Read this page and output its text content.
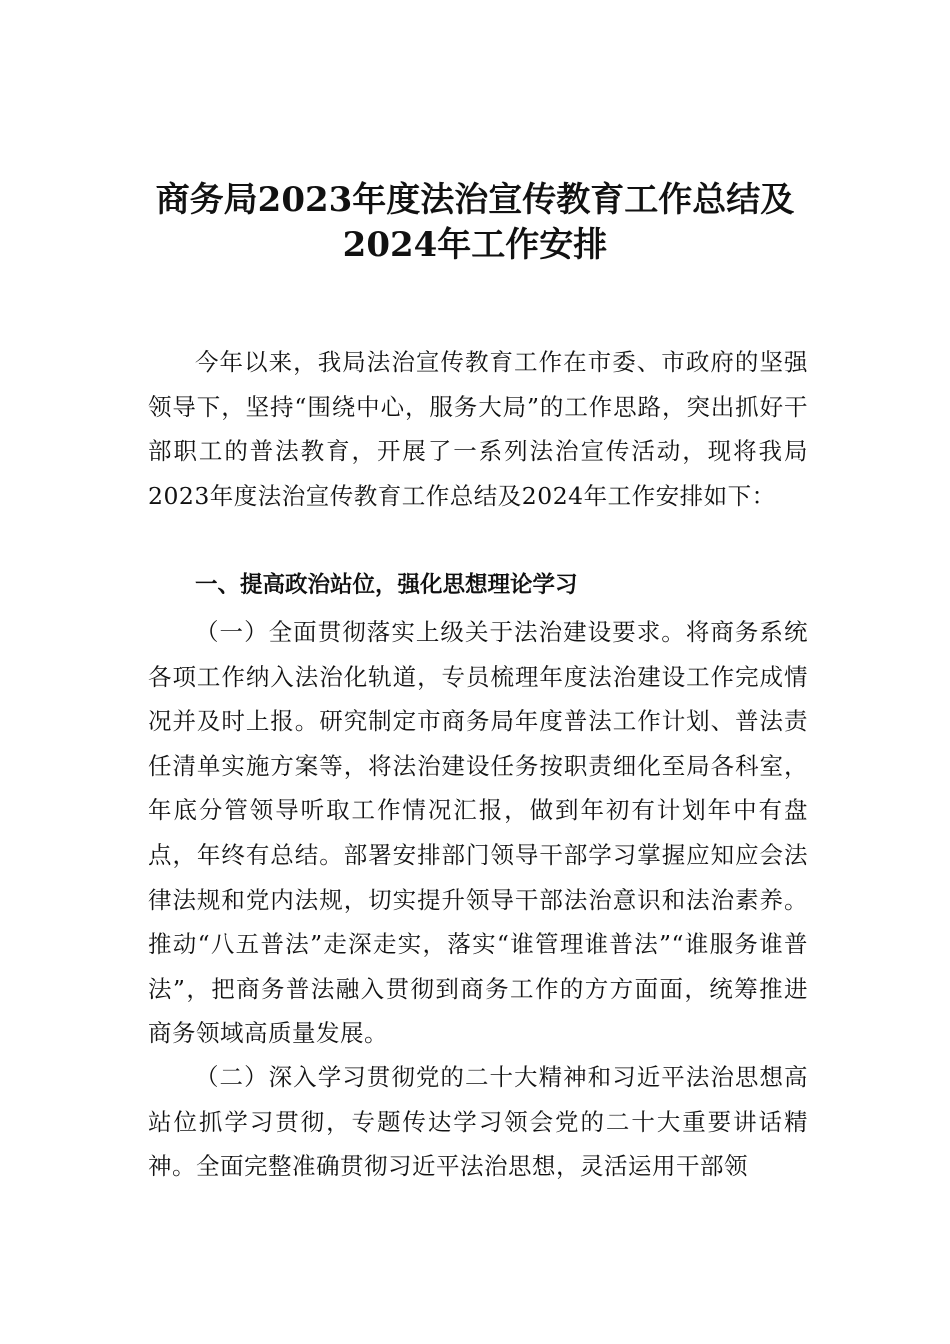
商务局2023年度法治宣传教育工作总结及
2024年工作安排

今年以来，我局法治宣传教育工作在市委、市政府的坚强领导下，坚持“围绕中心，服务大局”的工作思路，突出抓好干部职工的普法教育，开展了一系列法治宣传活动，现将我局2023年度法治宣传教育工作总结及2024年工作安排如下：

一、提高政治站位，强化思想理论学习

（一）全面贯彻落实上级关于法治建设要求。将商务系统各项工作纳入法治化轨道，专员梳理年度法治建设工作完成情况并及时上报。研究制定市商务局年度普法工作计划、普法责任清单实施方案等，将法治建设任务按职责细化至局各科室，年底分管领导听取工作情况汇报，做到年初有计划年中有盘点，年终有总结。部署安排部门领导干部学习掌握应知应会法律法规和党内法规，切实提升领导干部法治意识和法治素养。推动“八五普法”走深走实，落实“谁管理谁普法”“谁服务谁普法”，把商务普法融入贯彻到商务工作的方方面面，统筹推进商务领域高质量发展。

（二）深入学习贯彻党的二十大精神和习近平法治思想高站位抓学习贯彻，专题传达学习领会党的二十大重要讲话精神。全面完整准确贯彻习近平法治思想，灵活运用干部领
